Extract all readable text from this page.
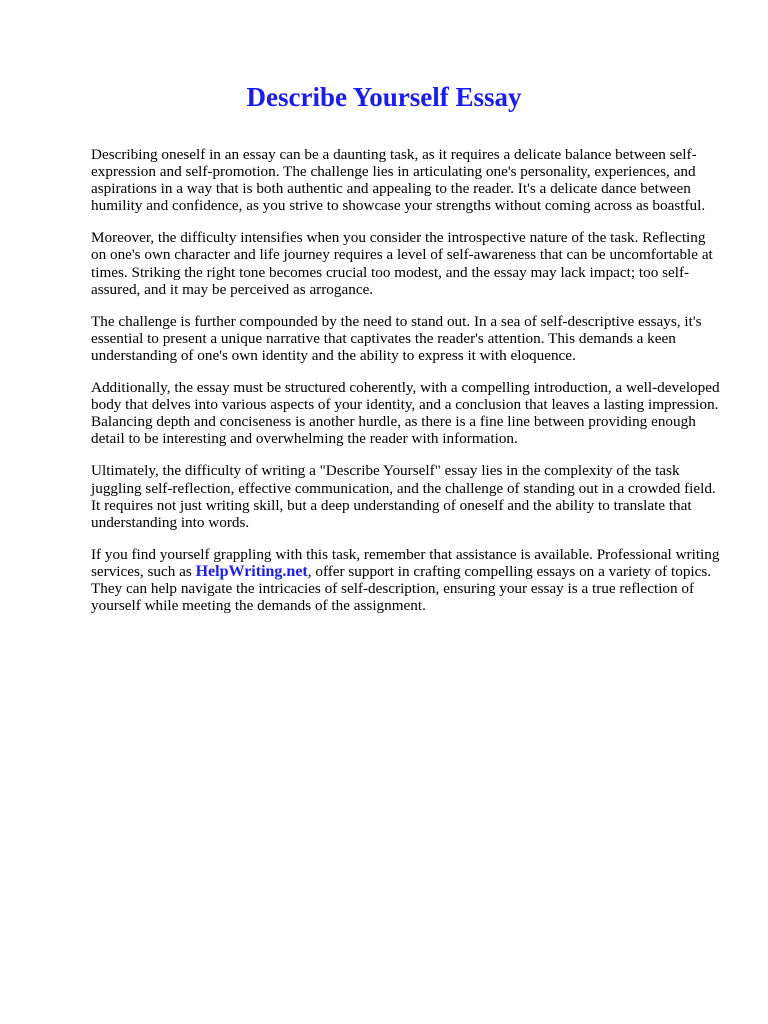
Describe Yourself Essay

Describing oneself in an essay can be a daunting task, as it requires a delicate balance between self-expression and self-promotion. The challenge lies in articulating one's personality, experiences, and aspirations in a way that is both authentic and appealing to the reader. It's a delicate dance between humility and confidence, as you strive to showcase your strengths without coming across as boastful.

Moreover, the difficulty intensifies when you consider the introspective nature of the task. Reflecting on one's own character and life journey requires a level of self-awareness that can be uncomfortable at times. Striking the right tone becomes crucial too modest, and the essay may lack impact; too self-assured, and it may be perceived as arrogance.

The challenge is further compounded by the need to stand out. In a sea of self-descriptive essays, it's essential to present a unique narrative that captivates the reader's attention. This demands a keen understanding of one's own identity and the ability to express it with eloquence.

Additionally, the essay must be structured coherently, with a compelling introduction, a well-developed body that delves into various aspects of your identity, and a conclusion that leaves a lasting impression. Balancing depth and conciseness is another hurdle, as there is a fine line between providing enough detail to be interesting and overwhelming the reader with information.

Ultimately, the difficulty of writing a "Describe Yourself" essay lies in the complexity of the task juggling self-reflection, effective communication, and the challenge of standing out in a crowded field. It requires not just writing skill, but a deep understanding of oneself and the ability to translate that understanding into words.

If you find yourself grappling with this task, remember that assistance is available. Professional writing services, such as HelpWriting.net, offer support in crafting compelling essays on a variety of topics. They can help navigate the intricacies of self-description, ensuring your essay is a true reflection of yourself while meeting the demands of the assignment.
